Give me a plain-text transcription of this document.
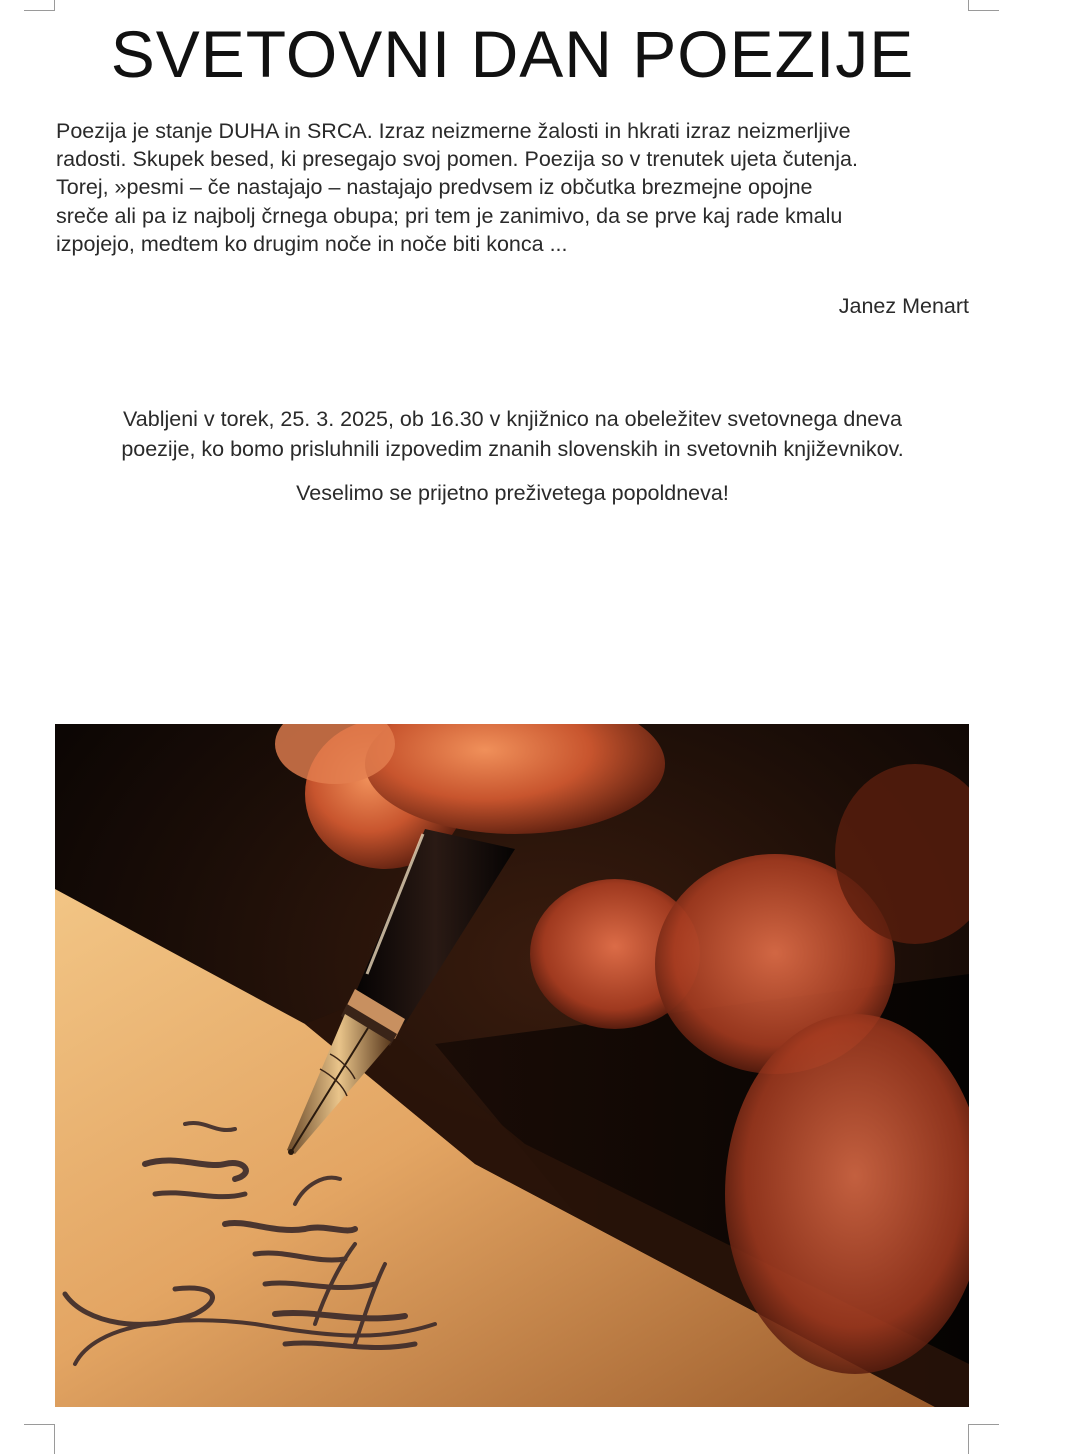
SVETOVNI DAN POEZIJE

Poezija je stanje DUHA in SRCA. Izraz neizmerne žalosti in hkrati izraz neizmerljive
radosti. Skupek besed, ki presegajo svoj pomen. Poezija so v trenutek ujeta čutenja.
Torej, »pesmi – če nastajajo – nastajajo predvsem iz občutka brezmejne opojne
sreče ali pa iz najbolj črnega obupa; pri tem je zanimivo, da se prve kaj rade kmalu
izpojejo, medtem ko drugim noče in noče biti konca ...

Janez Menart

Vabljeni v torek, 25. 3. 2025, ob 16.30 v knjižnico na obeležitev svetovnega dneva
poezije, ko bomo prisluhnili izpovedim znanih slovenskih in svetovnih književnikov.

Veselimo se prijetno preživetega popoldneva!
